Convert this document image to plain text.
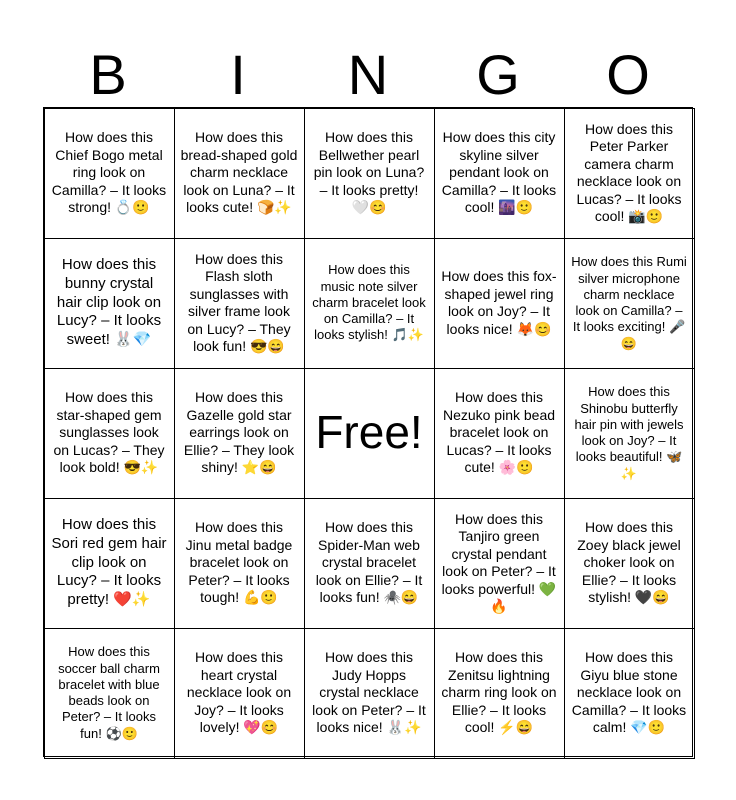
B	I	N	G	O
How does this Chief Bogo metal ring look on Camilla? – It looks strong! 💍🙂
How does this bread-shaped gold charm necklace look on Luna? – It looks cute! 🍞✨
How does this Bellwether pearl pin look on Luna? – It looks pretty! 🤍😊
How does this city skyline silver pendant look on Camilla? – It looks cool! 🌆🙂
How does this Peter Parker camera charm necklace look on Lucas? – It looks cool! 📸🙂
How does this bunny crystal hair clip look on Lucy? – It looks sweet! 🐰💎
How does this Flash sloth sunglasses with silver frame look on Lucy? – They look fun! 😎😄
How does this music note silver charm bracelet look on Camilla? – It looks stylish! 🎵✨
How does this fox-shaped jewel ring look on Joy? – It looks nice! 🦊😊
How does this Rumi silver microphone charm necklace look on Camilla? – It looks exciting! 🎤😄
How does this star-shaped gem sunglasses look on Lucas? – They look bold! 😎✨
How does this Gazelle gold star earrings look on Ellie? – They look shiny! ⭐😄
Free!
How does this Nezuko pink bead bracelet look on Lucas? – It looks cute! 🌸🙂
How does this Shinobu butterfly hair pin with jewels look on Joy? – It looks beautiful! 🦋✨
How does this Sori red gem hair clip look on Lucy? – It looks pretty! ❤️✨
How does this Jinu metal badge bracelet look on Peter? – It looks tough! 💪🙂
How does this Spider-Man web crystal bracelet look on Ellie? – It looks fun! 🕷️😄
How does this Tanjiro green crystal pendant look on Peter? – It looks powerful! 💚🔥
How does this Zoey black jewel choker look on Ellie? – It looks stylish! 🖤😄
How does this soccer ball charm bracelet with blue beads look on Peter? – It looks fun! ⚽🙂
How does this heart crystal necklace look on Joy? – It looks lovely! 💖😊
How does this Judy Hopps crystal necklace look on Peter? – It looks nice! 🐰✨
How does this Zenitsu lightning charm ring look on Ellie? – It looks cool! ⚡😄
How does this Giyu blue stone necklace look on Camilla? – It looks calm! 💎🙂
